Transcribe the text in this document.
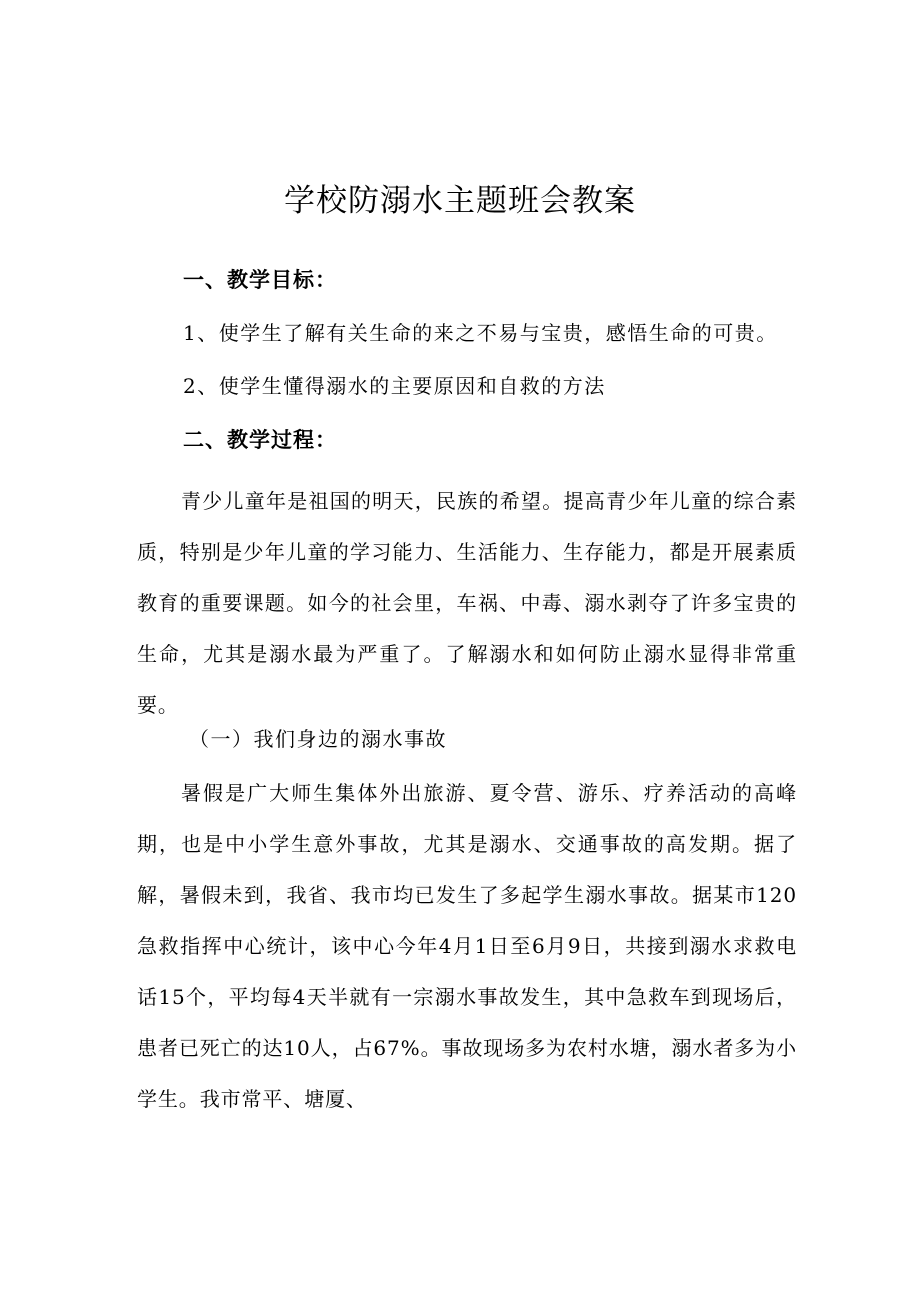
学校防溺水主题班会教案
一、教学目标：
1、使学生了解有关生命的来之不易与宝贵，感悟生命的可贵。
2、使学生懂得溺水的主要原因和自救的方法
二、教学过程：

青少儿童年是祖国的明天，民族的希望。提高青少年儿童的综合素质，特别是少年儿童的学习能力、生活能力、生存能力，都是开展素质教育的重要课题。如今的社会里，车祸、中毒、溺水剥夺了许多宝贵的生命，尤其是溺水最为严重了。了解溺水和如何防止溺水显得非常重要。

（一）我们身边的溺水事故

暑假是广大师生集体外出旅游、夏令营、游乐、疗养活动的高峰期，也是中小学生意外事故，尤其是溺水、交通事故的高发期。据了解，暑假未到，我省、我市均已发生了多起学生溺水事故。据某市120急救指挥中心统计，该中心今年4月1日至6月9日，共接到溺水求救电话15个，平均每4天半就有一宗溺水事故发生，其中急救车到现场后，患者已死亡的达10人，占67%。事故现场多为农村水塘，溺水者多为小学生。我市常平、塘厦、
